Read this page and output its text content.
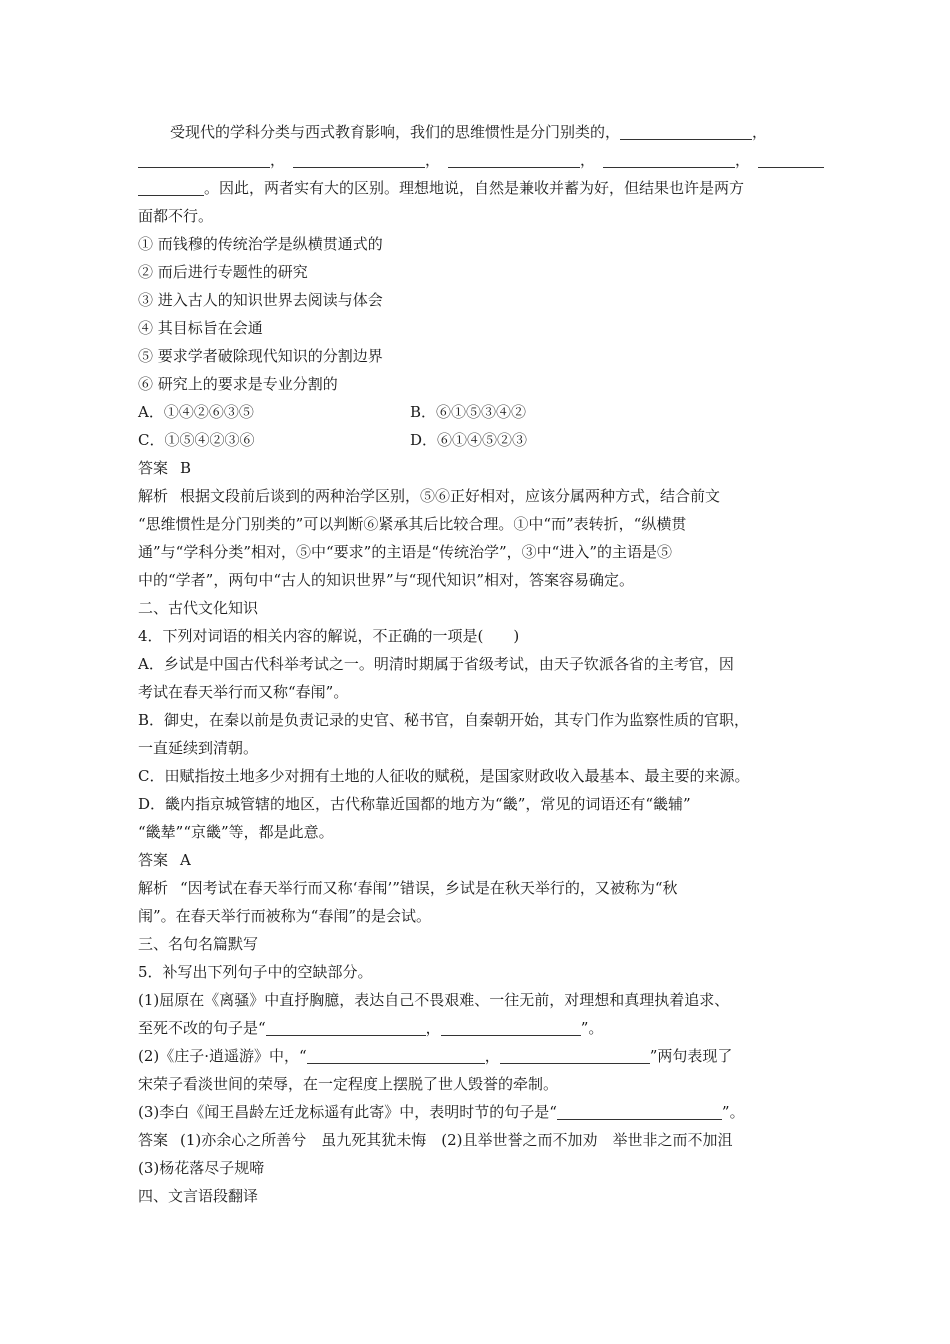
受现代的学科分类与西式教育影响，我们的思维惯性是分门别类的，	，
，	，	，	，
。因此，两者实有大的区别。理想地说，自然是兼收并蓄为好，但结果也许是两方
面都不行。
① 而钱穆的传统治学是纵横贯通式的
② 而后进行专题性的研究
③ 进入古人的知识世界去阅读与体会
④ 其目标旨在会通
⑤ 要求学者破除现代知识的分割边界
⑥ 研究上的要求是专业分割的
A．①④②⑥③⑤	B．⑥①⑤③④②
C．①⑤④②③⑥	D．⑥①④⑤②③
答案 B
解析 根据文段前后谈到的两种治学区别，⑤⑥正好相对，应该分属两种方式，结合前文
“思维惯性是分门别类的”可以判断⑥紧承其后比较合理。①中“而”表转折，“纵横贯
通”与“学科分类”相对，⑤中“要求”的主语是“传统治学”，③中“进入”的主语是⑤
中的“学者”，两句中“古人的知识世界”与“现代知识”相对，答案容易确定。
二、古代文化知识
4．下列对词语的相关内容的解说，不正确的一项是(　　)
A．乡试是中国古代科举考试之一。明清时期属于省级考试，由天子钦派各省的主考官，因
考试在春天举行而又称“春闱”。
B．御史，在秦以前是负责记录的史官、秘书官，自秦朝开始，其专门作为监察性质的官职，
一直延续到清朝。
C．田赋指按土地多少对拥有土地的人征收的赋税，是国家财政收入最基本、最主要的来源。
D．畿内指京城管辖的地区，古代称靠近国都的地方为“畿”，常见的词语还有“畿辅”
“畿辇”“京畿”等，都是此意。
答案 A
解析 “因考试在春天举行而又称‘春闱’”错误，乡试是在秋天举行的，又被称为“秋
闱”。在春天举行而被称为“春闱”的是会试。
三、名句名篇默写
5．补写出下列句子中的空缺部分。
(1)屈原在《离骚》中直抒胸臆，表达自己不畏艰难、一往无前，对理想和真理执着追求、
至死不改的句子是“	，	”。
(2)《庄子·逍遥游》中，“	，	”两句表现了
宋荣子看淡世间的荣辱，在一定程度上摆脱了世人毁誉的牵制。
(3)李白《闻王昌龄左迁龙标遥有此寄》中，表明时节的句子是“	”。
答案 (1)亦余心之所善兮　虽九死其犹未悔　(2)且举世誉之而不加劝　举世非之而不加沮
(3)杨花落尽子规啼
四、文言语段翻译
